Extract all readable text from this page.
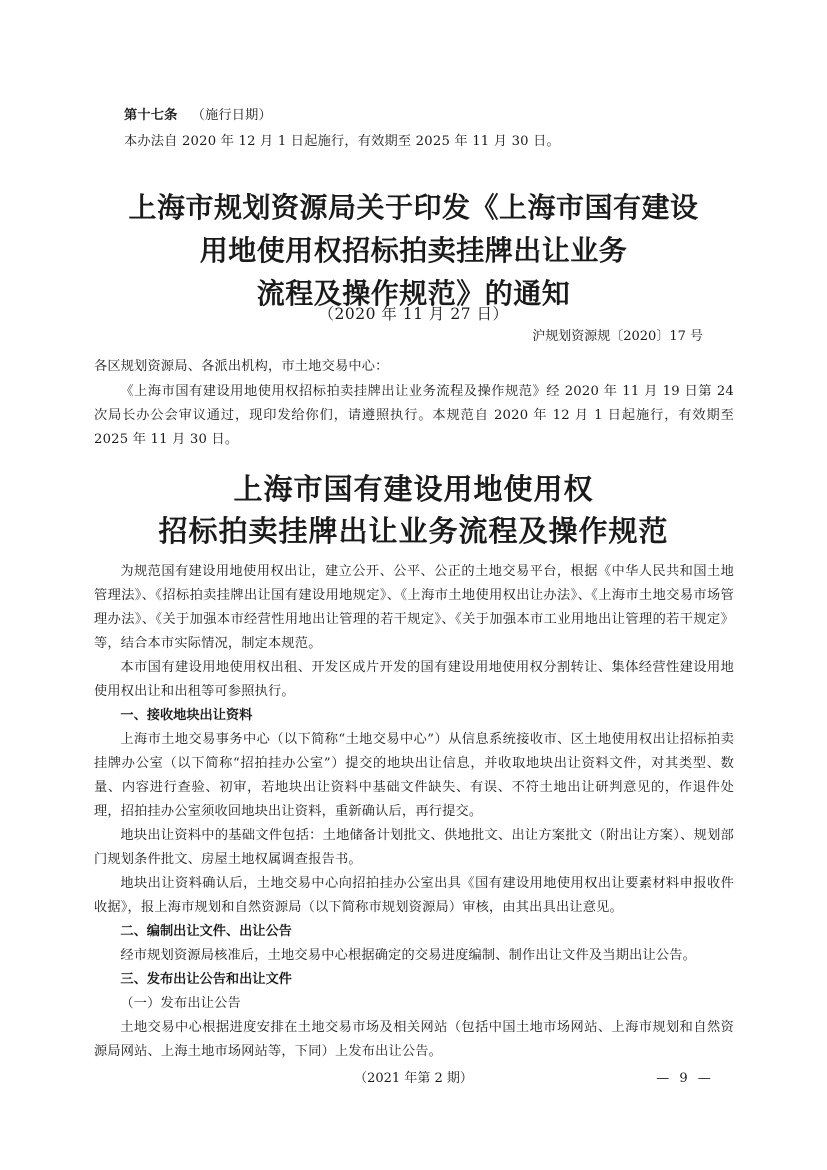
第十七条 （施行日期）
本办法自 2020 年 12 月 1 日起施行，有效期至 2025 年 11 月 30 日。
上海市规划资源局关于印发《上海市国有建设
用地使用权招标拍卖挂牌出让业务
流程及操作规范》的通知
（2020 年 11 月 27 日）
沪规划资源规〔2020〕17 号
各区规划资源局、各派出机构，市土地交易中心：
《上海市国有建设用地使用权招标拍卖挂牌出让业务流程及操作规范》经 2020 年 11 月 19 日第 24 次局长办公会审议通过，现印发给你们，请遵照执行。本规范自 2020 年 12 月 1 日起施行，有效期至 2025 年 11 月 30 日。
上海市国有建设用地使用权
招标拍卖挂牌出让业务流程及操作规范
为规范国有建设用地使用权出让，建立公开、公平、公正的土地交易平台，根据《中华人民共和国土地管理法》、《招标拍卖挂牌出让国有建设用地规定》、《上海市土地使用权出让办法》、《上海市土地交易市场管理办法》、《关于加强本市经营性用地出让管理的若干规定》、《关于加强本市工业用地出让管理的若干规定》等，结合本市实际情况，制定本规范。
本市国有建设用地使用权出租、开发区成片开发的国有建设用地使用权分割转让、集体经营性建设用地使用权出让和出租等可参照执行。
一、接收地块出让资料
上海市土地交易事务中心（以下简称“土地交易中心”）从信息系统接收市、区土地使用权出让招标拍卖挂牌办公室（以下简称“招拍挂办公室”）提交的地块出让信息，并收取地块出让资料文件，对其类型、数量、内容进行查验、初审，若地块出让资料中基础文件缺失、有误、不符土地出让研判意见的，作退件处理，招拍挂办公室须收回地块出让资料，重新确认后，再行提交。
地块出让资料中的基础文件包括：土地储备计划批文、供地批文、出让方案批文（附出让方案）、规划部门规划条件批文、房屋土地权属调查报告书。
地块出让资料确认后，土地交易中心向招拍挂办公室出具《国有建设用地使用权出让要素材料申报收件收据》，报上海市规划和自然资源局（以下简称市规划资源局）审核，由其出具出让意见。
二、编制出让文件、出让公告
经市规划资源局核准后，土地交易中心根据确定的交易进度编制、制作出让文件及当期出让公告。
三、发布出让公告和出让文件
（一）发布出让公告
土地交易中心根据进度安排在土地交易市场及相关网站（包括中国土地市场网站、上海市规划和自然资源局网站、上海土地市场网站等，下同）上发布出让公告。
（2021 年第 2 期）	— 9 —
